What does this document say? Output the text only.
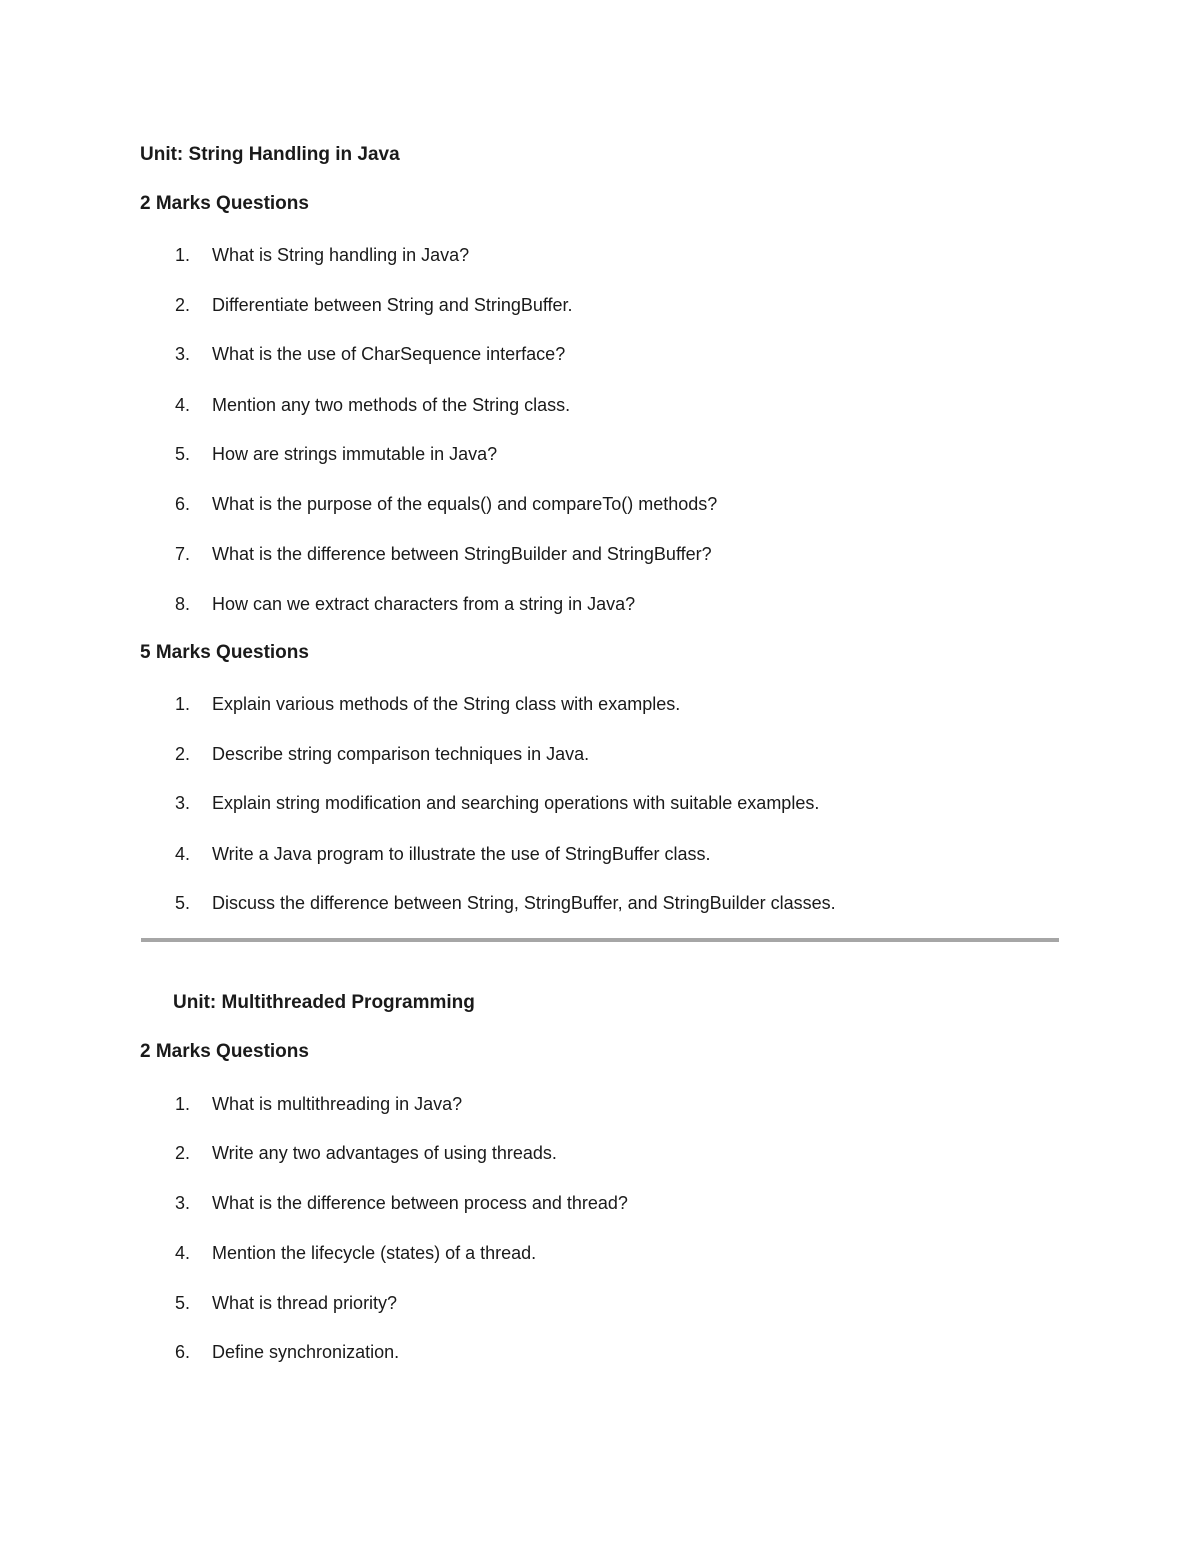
Unit: String Handling in Java
2 Marks Questions
1. What is String handling in Java?
2. Differentiate between String and StringBuffer.
3. What is the use of CharSequence interface?
4. Mention any two methods of the String class.
5. How are strings immutable in Java?
6. What is the purpose of the equals() and compareTo() methods?
7. What is the difference between StringBuilder and StringBuffer?
8. How can we extract characters from a string in Java?
5 Marks Questions
1. Explain various methods of the String class with examples.
2. Describe string comparison techniques in Java.
3. Explain string modification and searching operations with suitable examples.
4. Write a Java program to illustrate the use of StringBuffer class.
5. Discuss the difference between String, StringBuffer, and StringBuilder classes.
Unit: Multithreaded Programming
2 Marks Questions
1. What is multithreading in Java?
2. Write any two advantages of using threads.
3. What is the difference between process and thread?
4. Mention the lifecycle (states) of a thread.
5. What is thread priority?
6. Define synchronization.
